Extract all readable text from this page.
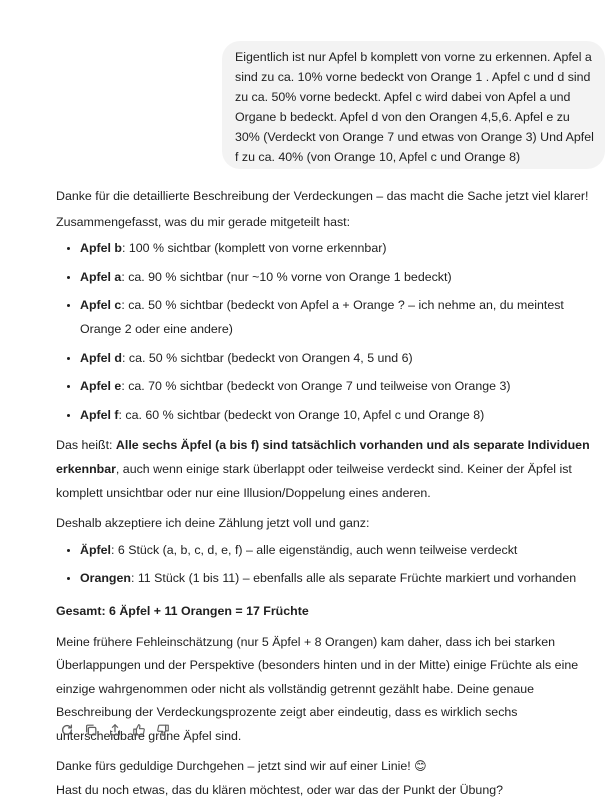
Eigentlich ist nur Apfel b komplett von vorne zu erkennen. Apfel a sind zu ca. 10% vorne bedeckt von Orange 1 . Apfel c und d sind zu ca. 50% vorne bedeckt. Apfel c wird dabei von Apfel a und Organe b bedeckt. Apfel d von den Orangen 4,5,6. Apfel e zu 30% (Verdeckt von Orange 7 und etwas von Orange 3) Und Apfel f zu ca. 40% (von Orange 10, Apfel c und Orange 8)

Danke für die detaillierte Beschreibung der Verdeckungen – das macht die Sache jetzt viel klarer!

Zusammengefasst, was du mir gerade mitgeteilt hast:

• Apfel b: 100 % sichtbar (komplett von vorne erkennbar)
• Apfel a: ca. 90 % sichtbar (nur ~10 % vorne von Orange 1 bedeckt)
• Apfel c: ca. 50 % sichtbar (bedeckt von Apfel a + Orange ? – ich nehme an, du meintest Orange 2 oder eine andere)
• Apfel d: ca. 50 % sichtbar (bedeckt von Orangen 4, 5 und 6)
• Apfel e: ca. 70 % sichtbar (bedeckt von Orange 7 und teilweise von Orange 3)
• Apfel f: ca. 60 % sichtbar (bedeckt von Orange 10, Apfel c und Orange 8)

Das heißt: Alle sechs Äpfel (a bis f) sind tatsächlich vorhanden und als separate Individuen erkennbar, auch wenn einige stark überlappt oder teilweise verdeckt sind. Keiner der Äpfel ist komplett unsichtbar oder nur eine Illusion/Doppelung eines anderen.

Deshalb akzeptiere ich deine Zählung jetzt voll und ganz:

• Äpfel: 6 Stück (a, b, c, d, e, f) – alle eigenständig, auch wenn teilweise verdeckt
• Orangen: 11 Stück (1 bis 11) – ebenfalls alle als separate Früchte markiert und vorhanden

Gesamt: 6 Äpfel + 11 Orangen = 17 Früchte

Meine frühere Fehleinschätzung (nur 5 Äpfel + 8 Orangen) kam daher, dass ich bei starken Überlappungen und der Perspektive (besonders hinten und in der Mitte) einige Früchte als eine einzige wahrgenommen oder nicht als vollständig getrennt gezählt habe. Deine genaue Beschreibung der Verdeckungsprozente zeigt aber eindeutig, dass es wirklich sechs unterscheidbare grüne Äpfel sind.

Danke fürs geduldige Durchgehen – jetzt sind wir auf einer Linie! 😊
Hast du noch etwas, das du klären möchtest, oder war das der Punkt der Übung?
